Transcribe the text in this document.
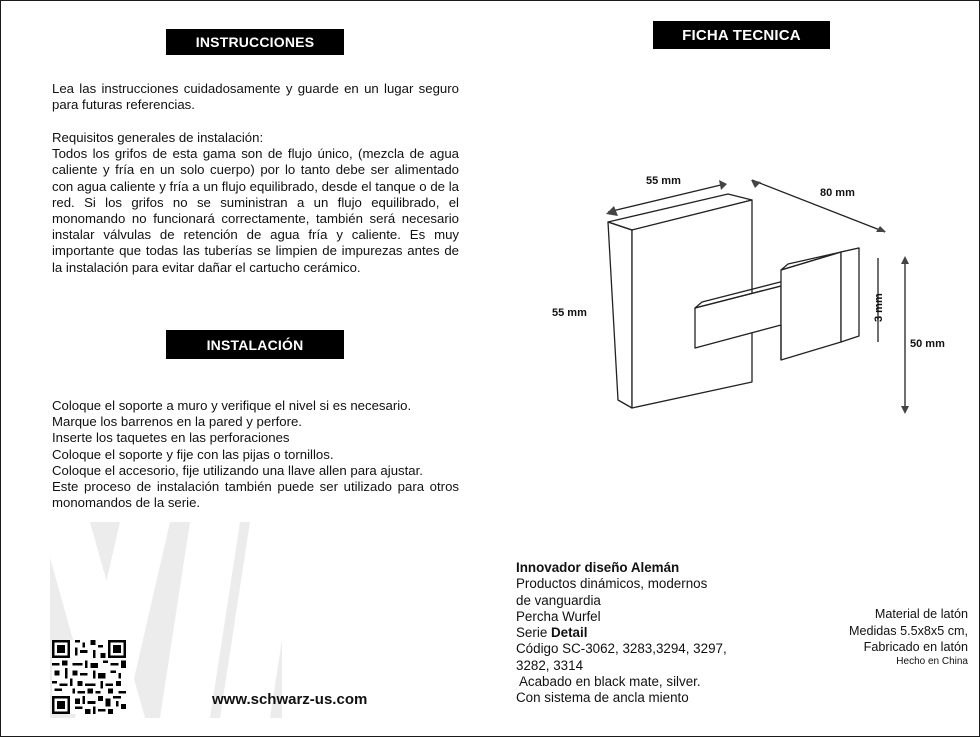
INSTRUCCIONES

Lea las instrucciones cuidadosamente y guarde en un lugar seguro para futuras referencias.

Requisitos generales de instalación:

Todos los grifos de esta gama son de flujo único, (mezcla de agua caliente y fría en un solo cuerpo) por lo tanto debe ser alimentado con agua caliente y fría a un flujo equilibrado, desde el tanque o de la red. Si los grifos no se suministran a un flujo equilibrado, el monomando no funcionará correctamente, también será necesario instalar válvulas de retención de agua fría y caliente. Es muy importante que todas las tuberías se limpien de impurezas antes de la instalación para evitar dañar el cartucho cerámico.

INSTALACIÓN
Coloque el soporte a muro y verifique el nivel si es necesario.
Marque los barrenos en la pared y perfore.
Inserte los taquetes en las perforaciones
Coloque el soporte y fije con las pijas o tornillos.
Coloque el accesorio, fije utilizando una llave allen para ajustar.
Este proceso de instalación también puede ser utilizado para otros monomandos de la serie.
www.schwarz-us.com
FICHA TECNICA
55 mm
80 mm
55 mm	3 mm
50 mm
Innovador diseño Alemán
Productos dinámicos, modernos
de vanguardia
Percha Wurfel
Serie Detail
Código SC-3062, 3283,3294, 3297,
3282, 3314
Acabado en black mate, silver.
Con sistema de ancla miento
Material de latón
Medidas 5.5x8x5 cm,
Fabricado en latón
Hecho en China
